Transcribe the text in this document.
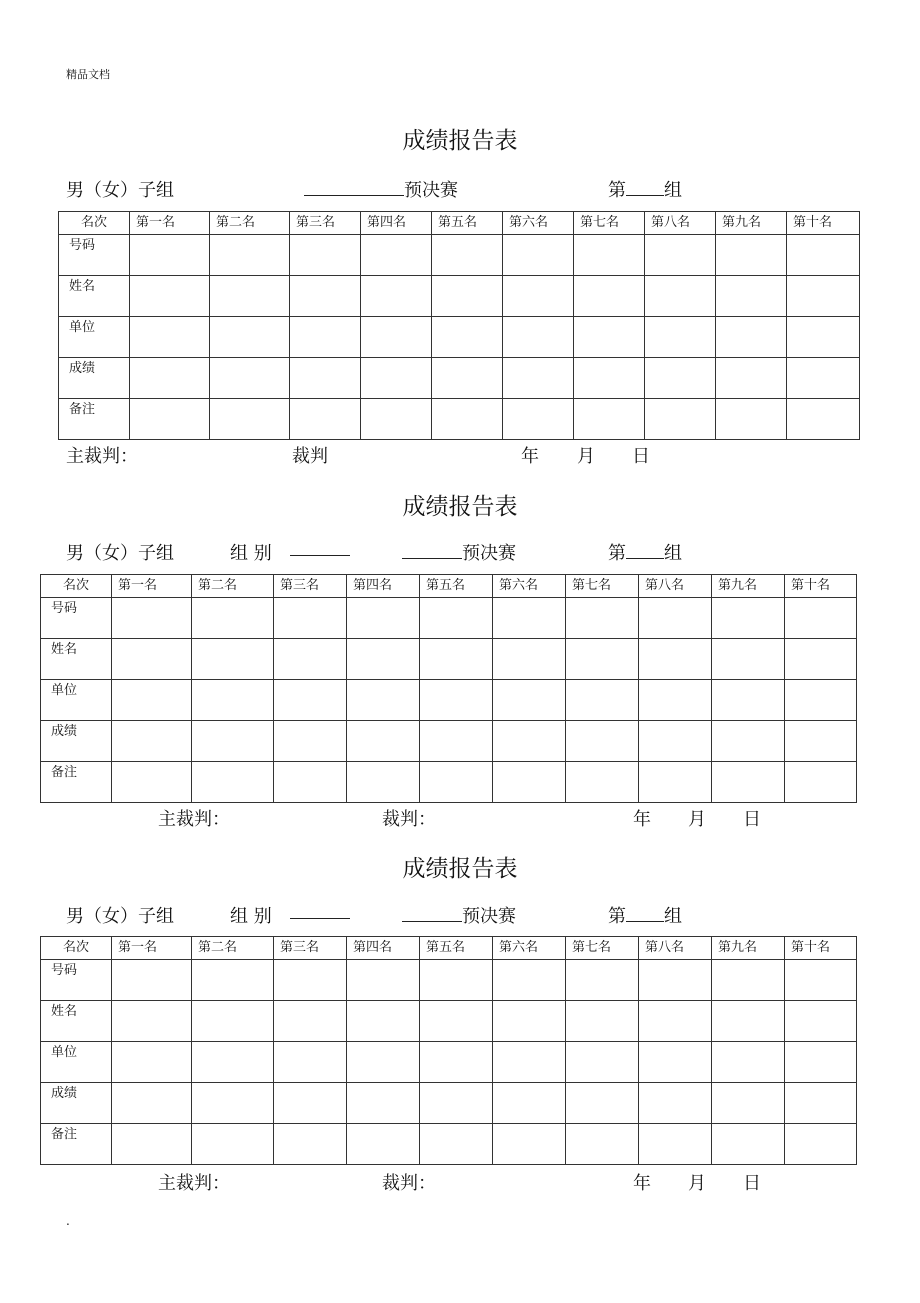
精品文档
成绩报告表
男（女）子组	预决赛	第 组
名次	第一名	第二名	第三名	第四名	第五名	第六名	第七名	第八名	第九名	第十名
号码										
姓名										
单位										
成绩										
备注										
主裁判：	裁判	年 月 日
成绩报告表
男（女）子组	组 别	预决赛	第 组
名次	第一名	第二名	第三名	第四名	第五名	第六名	第七名	第八名	第九名	第十名
号码										
姓名										
单位										
成绩										
备注										
主裁判：	裁判：	年 月 日
成绩报告表
男（女）子组	组 别	预决赛	第 组
名次	第一名	第二名	第三名	第四名	第五名	第六名	第七名	第八名	第九名	第十名
号码										
姓名										
单位										
成绩										
备注										
主裁判：	裁判：	年 月 日
.
